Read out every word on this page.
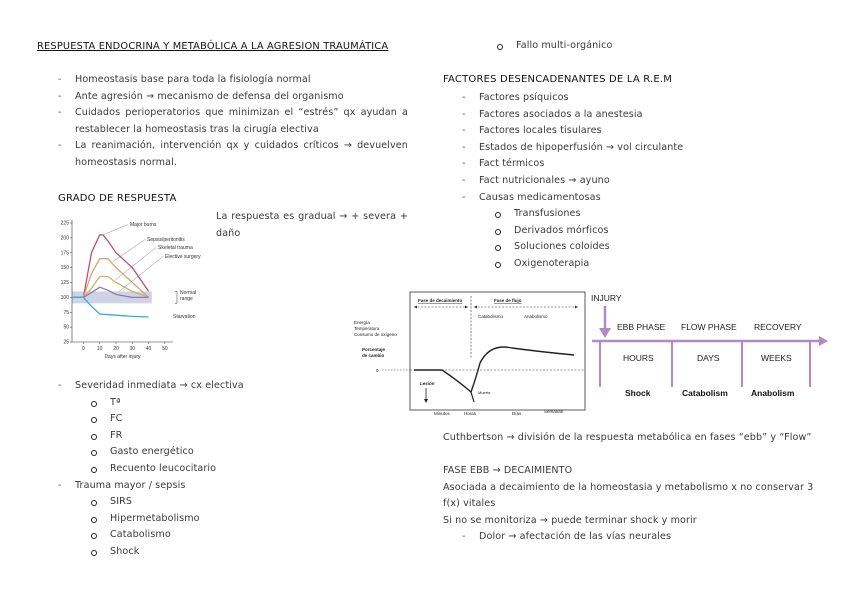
RESPUESTA ENDOCRINA Y METABÓLICA A LA AGRESION TRAUMÁTICA
- Homeostasis base para toda la fisiología normal
- Ante agresión → mecanismo de defensa del organismo
- Cuidados perioperatorios que minimizan el “estrés” qx ayudan a restablecer la homeostasis tras la cirugía electiva
- La reanimación, intervención qx y cuidados críticos → devuelven homeostasis normal.
GRADO DE RESPUESTA
25
50
75
100
125
150
175
200
225
0 10 20 30 40 50
Days after injury
Major burns
Sepsis/peritonitis
Skeletal trauma
Elective surgery
Starvation
Normal
range
La respuesta es gradual → + severa + daño
- Severidad inmediata → cx electiva
Tª
FC
FR
Gasto energético
Recuento leucocitario
- Trauma mayor / sepsis
SIRS
Hipermetabolismo
Catabolismo
Shock
Fallo multi-orgánico
FACTORES DESENCADENANTES DE LA R.E.M
- Factores psíquicos
- Factores asociados a la anestesia
- Factores locales tisulares
- Estados de hipoperfusión → vol circulante
- Fact térmicos
- Fact nutricionales → ayuno
- Causas medicamentosas
Transfusiones
Derivados mórficos
Soluciones coloides
Oxigenoterapia
Energía
Temperatura
Consumo de oxígeno
Porcentaje
de cambio
Fase de decaimiento	Fase de flujo
Catabolismo	Anabolismo
0
Muerte
Lesión
Minutos	Horas	Días	Semanas
INJURY
EBB PHASE FLOW PHASE RECOVERY
HOURS	DAYS	WEEKS
Shock	Catabolism	Anabolism
Cuthbertson → división de la respuesta metabólica en fases “ebb” y “Flow”
FASE EBB → DECAIMIENTO
Asociada a decaimiento de la homeostasia y metabolismo x no conservar 3 f(x) vitales
Si no se monitoriza → puede terminar shock y morir
- Dolor → afectación de las vías neurales
